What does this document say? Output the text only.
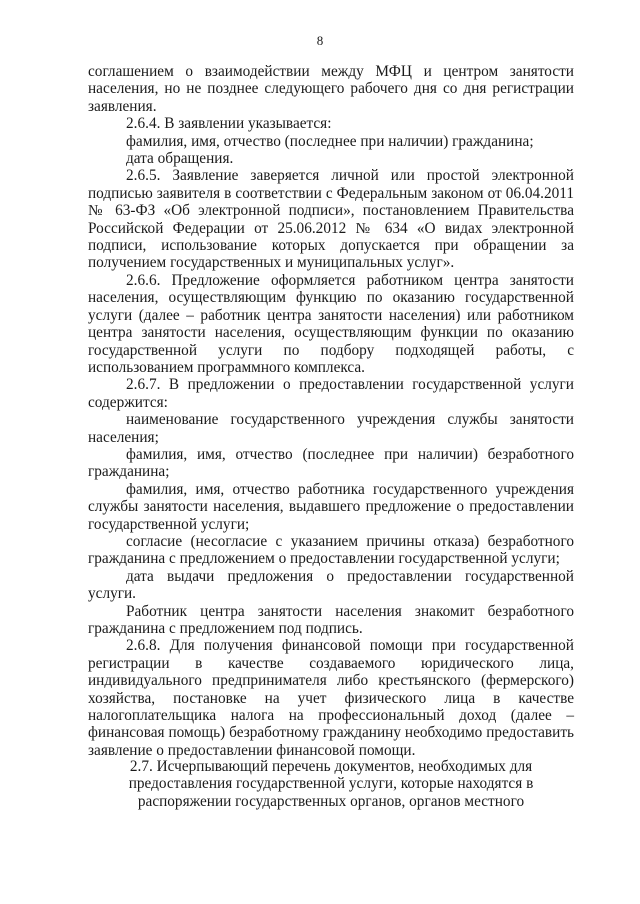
8

соглашением о взаимодействии между МФЦ и центром занятости населения, но не позднее следующего рабочего дня со дня регистрации заявления.

2.6.4. В заявлении указывается:

фамилия, имя, отчество (последнее при наличии) гражданина;

дата обращения.

2.6.5. Заявление заверяется личной или простой электронной подписью заявителя в соответствии с Федеральным законом от 06.04.2011 № 63-ФЗ «Об электронной подписи», постановлением Правительства Российской Федерации от 25.06.2012 № 634 «О видах электронной подписи, использование которых допускается при обращении за получением государственных и муниципальных услуг».

2.6.6. Предложение оформляется работником центра занятости населения, осуществляющим функцию по оказанию государственной услуги (далее – работник центра занятости населения) или работником центра занятости населения, осуществляющим функции по оказанию государственной услуги по подбору подходящей работы, с использованием программного комплекса.

2.6.7. В предложении о предоставлении государственной услуги содержится:

наименование государственного учреждения службы занятости населения;

фамилия, имя, отчество (последнее при наличии) безработного гражданина;

фамилия, имя, отчество работника государственного учреждения службы занятости населения, выдавшего предложение о предоставлении государственной услуги;

согласие (несогласие с указанием причины отказа) безработного гражданина с предложением о предоставлении государственной услуги;

дата выдачи предложения о предоставлении государственной услуги.

Работник центра занятости населения знакомит безработного гражданина с предложением под подпись.

2.6.8. Для получения финансовой помощи при государственной регистрации в качестве создаваемого юридического лица, индивидуального предпринимателя либо крестьянского (фермерского) хозяйства, постановке на учет физического лица в качестве налогоплательщика налога на профессиональный доход (далее – финансовая помощь) безработному гражданину необходимо предоставить заявление о предоставлении финансовой помощи.

2.7. Исчерпывающий перечень документов, необходимых для предоставления государственной услуги, которые находятся в распоряжении государственных органов, органов местного
